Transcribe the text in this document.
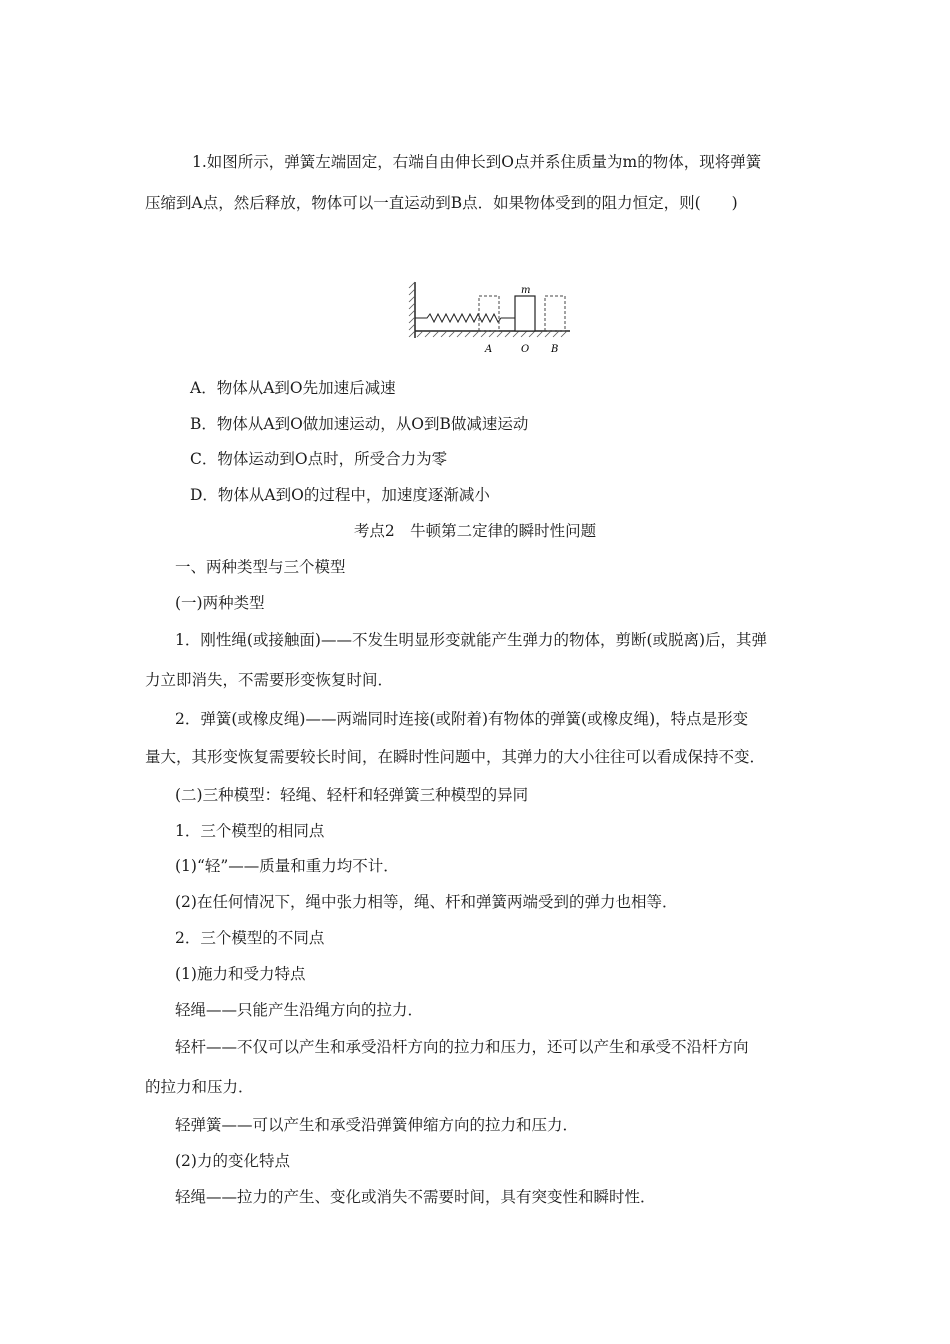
1.如图所示，弹簧左端固定，右端自由伸长到O点并系住质量为m的物体，现将弹簧
压缩到A点，然后释放，物体可以一直运动到B点．如果物体受到的阻力恒定，则(　　)
m
A	O B
A．物体从A到O先加速后减速
B．物体从A到O做加速运动，从O到B做减速运动
C．物体运动到O点时，所受合力为零
D．物体从A到O的过程中，加速度逐渐减小
考点2　牛顿第二定律的瞬时性问题
一、两种类型与三个模型
(一)两种类型
1．刚性绳(或接触面)——不发生明显形变就能产生弹力的物体，剪断(或脱离)后，其弹
力立即消失，不需要形变恢复时间．
2．弹簧(或橡皮绳)——两端同时连接(或附着)有物体的弹簧(或橡皮绳)，特点是形变
量大，其形变恢复需要较长时间，在瞬时性问题中，其弹力的大小往往可以看成保持不变．
(二)三种模型：轻绳、轻杆和轻弹簧三种模型的异同
1．三个模型的相同点
(1)“轻”——质量和重力均不计．
(2)在任何情况下，绳中张力相等，绳、杆和弹簧两端受到的弹力也相等．
2．三个模型的不同点
(1)施力和受力特点
轻绳——只能产生沿绳方向的拉力．
轻杆——不仅可以产生和承受沿杆方向的拉力和压力，还可以产生和承受不沿杆方向
的拉力和压力．
轻弹簧——可以产生和承受沿弹簧伸缩方向的拉力和压力．
(2)力的变化特点
轻绳——拉力的产生、变化或消失不需要时间，具有突变性和瞬时性．
